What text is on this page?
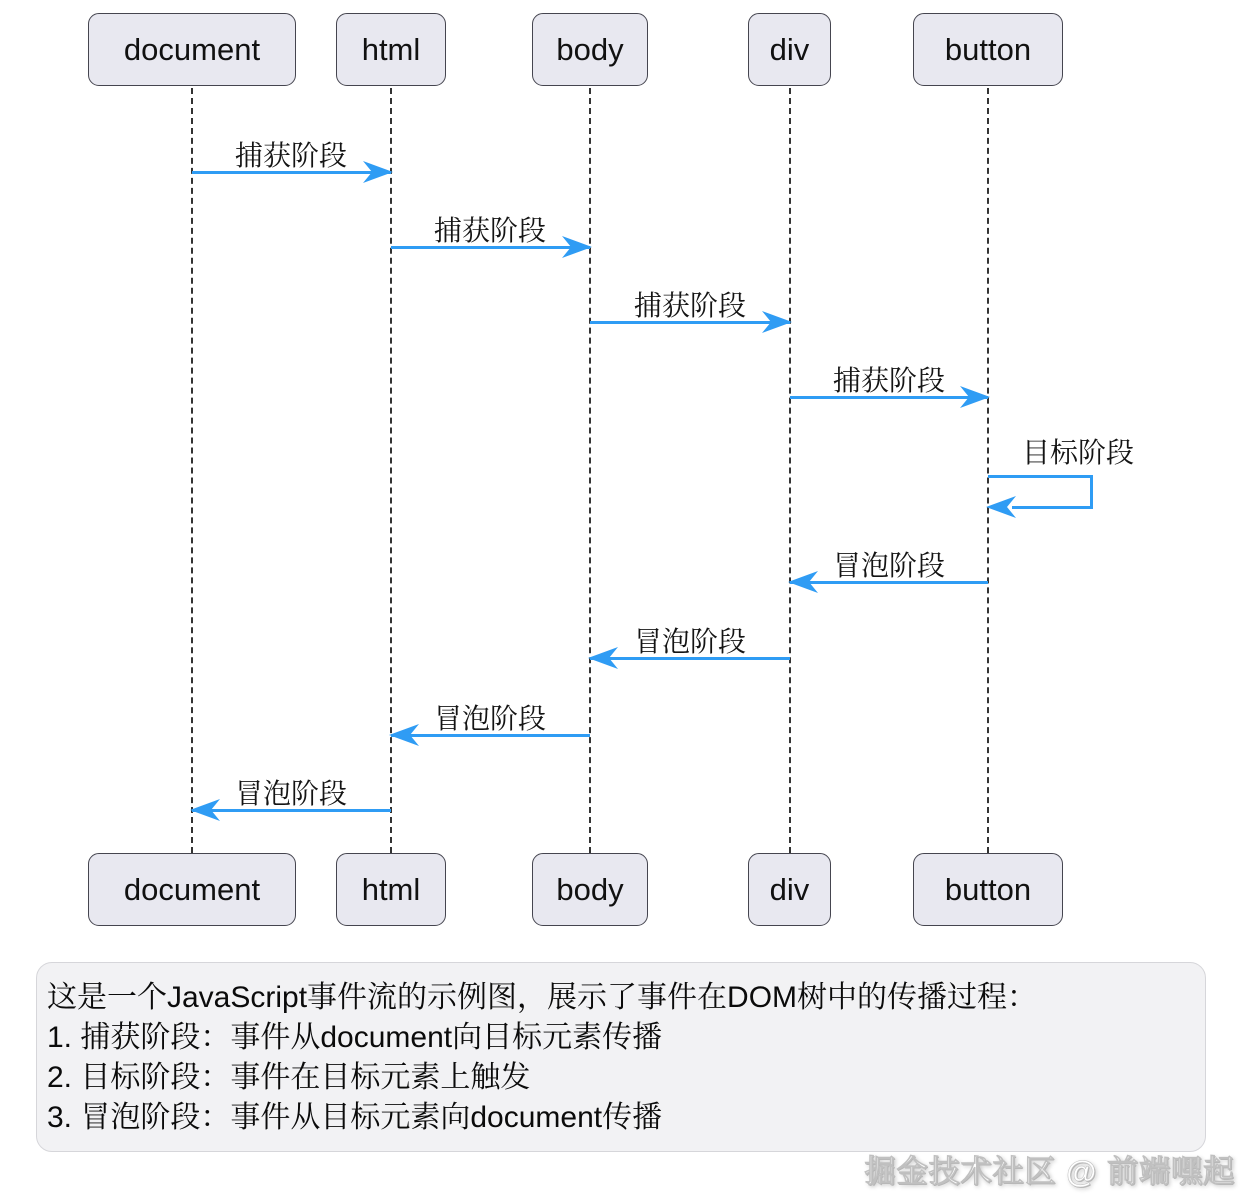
document	html	body	div	button
document	html	body	div	button
捕获阶段
捕获阶段
捕获阶段
捕获阶段
目标阶段
冒泡阶段
冒泡阶段
冒泡阶段
冒泡阶段
这是一个JavaScript事件流的示例图，展示了事件在DOM树中的传播过程：
1. 捕获阶段：事件从document向目标元素传播
2. 目标阶段：事件在目标元素上触发
3. 冒泡阶段：事件从目标元素向document传播
掘金技术社区 @ 前端嘿起
